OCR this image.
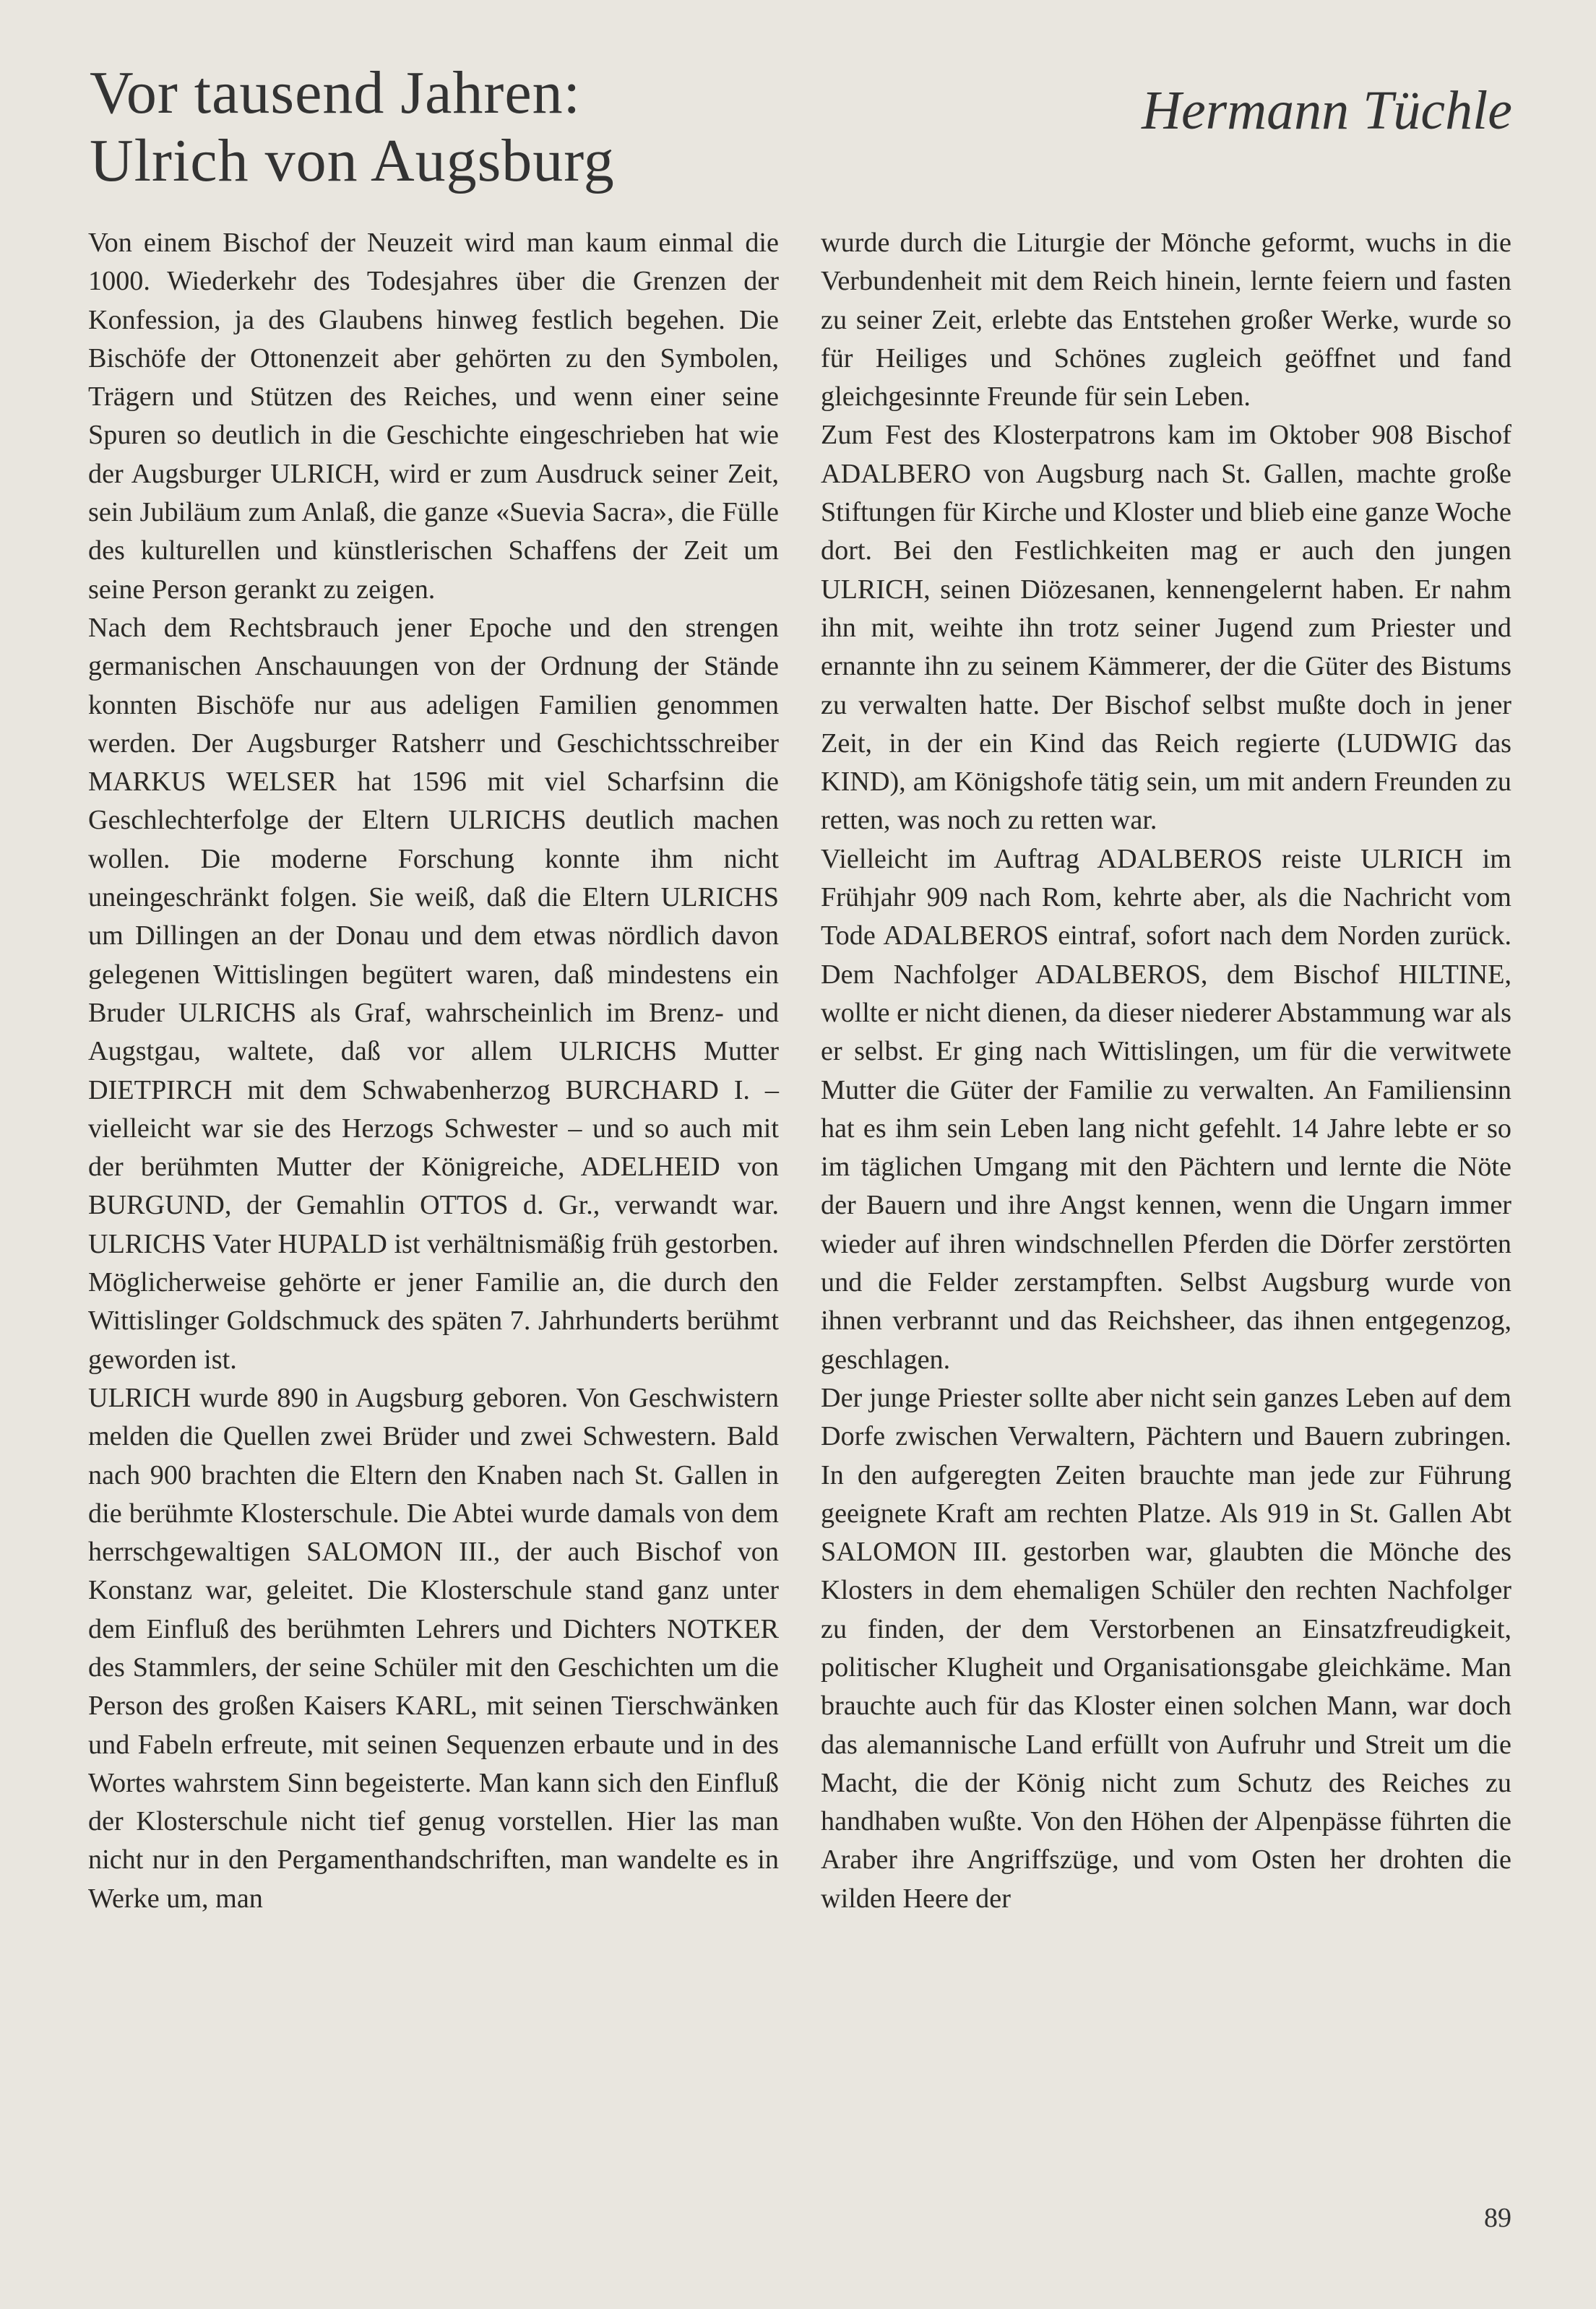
Vor tausend Jahren:
Ulrich von Augsburg
Hermann Tüchle

Von einem Bischof der Neuzeit wird man kaum einmal die 1000. Wiederkehr des Todesjahres über die Grenzen der Konfession, ja des Glaubens hinweg festlich begehen. Die Bischöfe der Ottonenzeit aber gehörten zu den Symbolen, Trägern und Stützen des Reiches, und wenn einer seine Spuren so deutlich in die Geschichte eingeschrieben hat wie der Augsburger ULRICH, wird er zum Ausdruck seiner Zeit, sein Jubiläum zum Anlaß, die ganze «Suevia Sacra», die Fülle des kulturellen und künstlerischen Schaffens der Zeit um seine Person gerankt zu zeigen.

Nach dem Rechtsbrauch jener Epoche und den strengen germanischen Anschauungen von der Ordnung der Stände konnten Bischöfe nur aus adeligen Familien genommen werden. Der Augsburger Ratsherr und Geschichtsschreiber MARKUS WELSER hat 1596 mit viel Scharfsinn die Geschlechterfolge der Eltern ULRICHS deutlich machen wollen. Die moderne Forschung konnte ihm nicht uneingeschränkt folgen. Sie weiß, daß die Eltern ULRICHS um Dillingen an der Donau und dem etwas nördlich davon gelegenen Wittislingen begütert waren, daß mindestens ein Bruder ULRICHS als Graf, wahrscheinlich im Brenz- und Augstgau, waltete, daß vor allem ULRICHS Mutter DIETPIRCH mit dem Schwabenherzog BURCHARD I. – vielleicht war sie des Herzogs Schwester – und so auch mit der berühmten Mutter der Königreiche, ADELHEID von BURGUND, der Gemahlin OTTOS d. Gr., verwandt war. ULRICHS Vater HUPALD ist verhältnismäßig früh gestorben. Möglicherweise gehörte er jener Familie an, die durch den Wittislinger Goldschmuck des späten 7. Jahrhunderts berühmt geworden ist.

ULRICH wurde 890 in Augsburg geboren. Von Geschwistern melden die Quellen zwei Brüder und zwei Schwestern. Bald nach 900 brachten die Eltern den Knaben nach St. Gallen in die berühmte Klosterschule. Die Abtei wurde damals von dem herrschgewaltigen SALOMON III., der auch Bischof von Konstanz war, geleitet. Die Klosterschule stand ganz unter dem Einfluß des berühmten Lehrers und Dichters NOTKER des Stammlers, der seine Schüler mit den Geschichten um die Person des großen Kaisers KARL, mit seinen Tierschwänken und Fabeln erfreute, mit seinen Sequenzen erbaute und in des Wortes wahrstem Sinn begeisterte. Man kann sich den Einfluß der Klosterschule nicht tief genug vorstellen. Hier las man nicht nur in den Pergamenthandschriften, man wandelte es in Werke um, man

wurde durch die Liturgie der Mönche geformt, wuchs in die Verbundenheit mit dem Reich hinein, lernte feiern und fasten zu seiner Zeit, erlebte das Entstehen großer Werke, wurde so für Heiliges und Schönes zugleich geöffnet und fand gleichgesinnte Freunde für sein Leben.

Zum Fest des Klosterpatrons kam im Oktober 908 Bischof ADALBERO von Augsburg nach St. Gallen, machte große Stiftungen für Kirche und Kloster und blieb eine ganze Woche dort. Bei den Festlichkeiten mag er auch den jungen ULRICH, seinen Diözesanen, kennengelernt haben. Er nahm ihn mit, weihte ihn trotz seiner Jugend zum Priester und ernannte ihn zu seinem Kämmerer, der die Güter des Bistums zu verwalten hatte. Der Bischof selbst mußte doch in jener Zeit, in der ein Kind das Reich regierte (LUDWIG das KIND), am Königshofe tätig sein, um mit andern Freunden zu retten, was noch zu retten war.

Vielleicht im Auftrag ADALBEROS reiste ULRICH im Frühjahr 909 nach Rom, kehrte aber, als die Nachricht vom Tode ADALBEROS eintraf, sofort nach dem Norden zurück. Dem Nachfolger ADALBEROS, dem Bischof HILTINE, wollte er nicht dienen, da dieser niederer Abstammung war als er selbst. Er ging nach Wittislingen, um für die verwitwete Mutter die Güter der Familie zu verwalten. An Familiensinn hat es ihm sein Leben lang nicht gefehlt. 14 Jahre lebte er so im täglichen Umgang mit den Pächtern und lernte die Nöte der Bauern und ihre Angst kennen, wenn die Ungarn immer wieder auf ihren windschnellen Pferden die Dörfer zerstörten und die Felder zerstampften. Selbst Augsburg wurde von ihnen verbrannt und das Reichsheer, das ihnen entgegenzog, geschlagen.

Der junge Priester sollte aber nicht sein ganzes Leben auf dem Dorfe zwischen Verwaltern, Pächtern und Bauern zubringen. In den aufgeregten Zeiten brauchte man jede zur Führung geeignete Kraft am rechten Platze. Als 919 in St. Gallen Abt SALOMON III. gestorben war, glaubten die Mönche des Klosters in dem ehemaligen Schüler den rechten Nachfolger zu finden, der dem Verstorbenen an Einsatzfreudigkeit, politischer Klugheit und Organisationsgabe gleichkäme. Man brauchte auch für das Kloster einen solchen Mann, war doch das alemannische Land erfüllt von Aufruhr und Streit um die Macht, die der König nicht zum Schutz des Reiches zu handhaben wußte. Von den Höhen der Alpenpässe führten die Araber ihre Angriffszüge, und vom Osten her drohten die wilden Heere der

89
